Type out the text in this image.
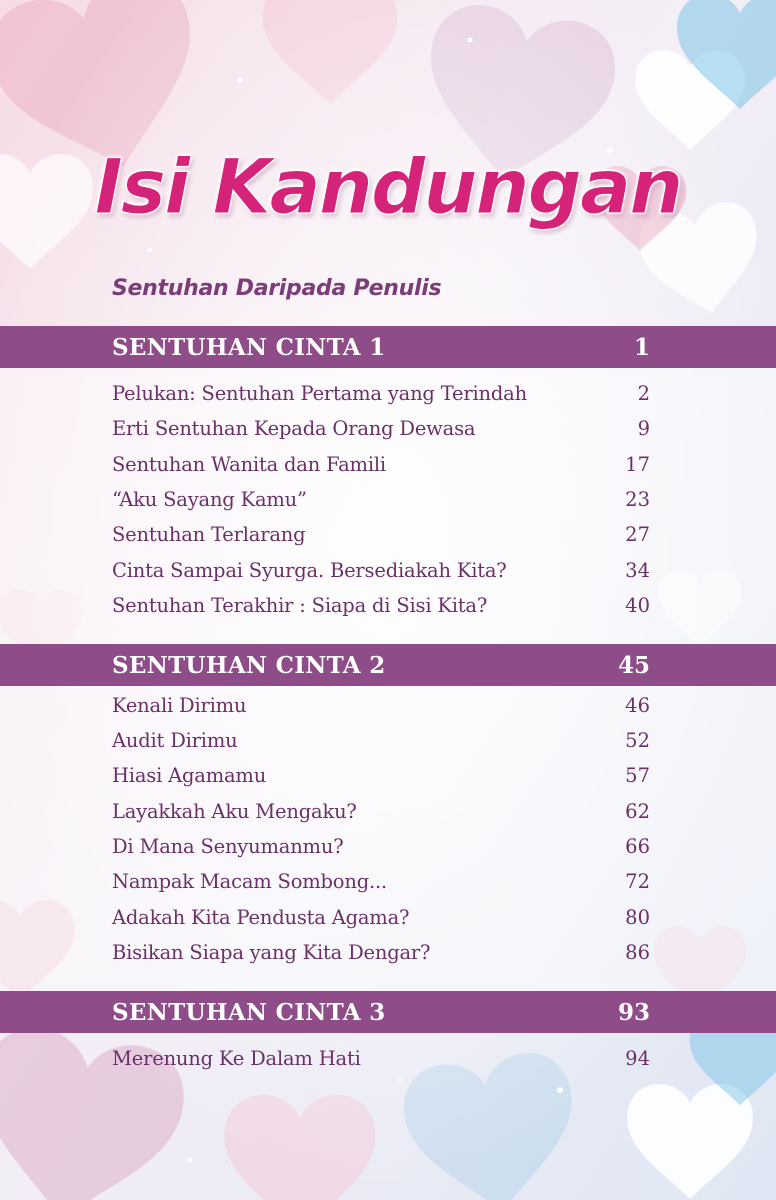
Isi Kandungan
Sentuhan Daripada Penulis
SENTUHAN CINTA 1	1
Pelukan: Sentuhan Pertama yang Terindah	2
Erti Sentuhan Kepada Orang Dewasa	9
Sentuhan Wanita dan Famili	17
“Aku Sayang Kamu”	23
Sentuhan Terlarang	27
Cinta Sampai Syurga. Bersediakah Kita?	34
Sentuhan Terakhir : Siapa di Sisi Kita?	40
SENTUHAN CINTA 2	45
Kenali Dirimu	46
Audit Dirimu	52
Hiasi Agamamu	57
Layakkah Aku Mengaku?	62
Di Mana Senyumanmu?	66
Nampak Macam Sombong...	72
Adakah Kita Pendusta Agama?	80
Bisikan Siapa yang Kita Dengar?	86
SENTUHAN CINTA 3	93
Merenung Ke Dalam Hati	94
